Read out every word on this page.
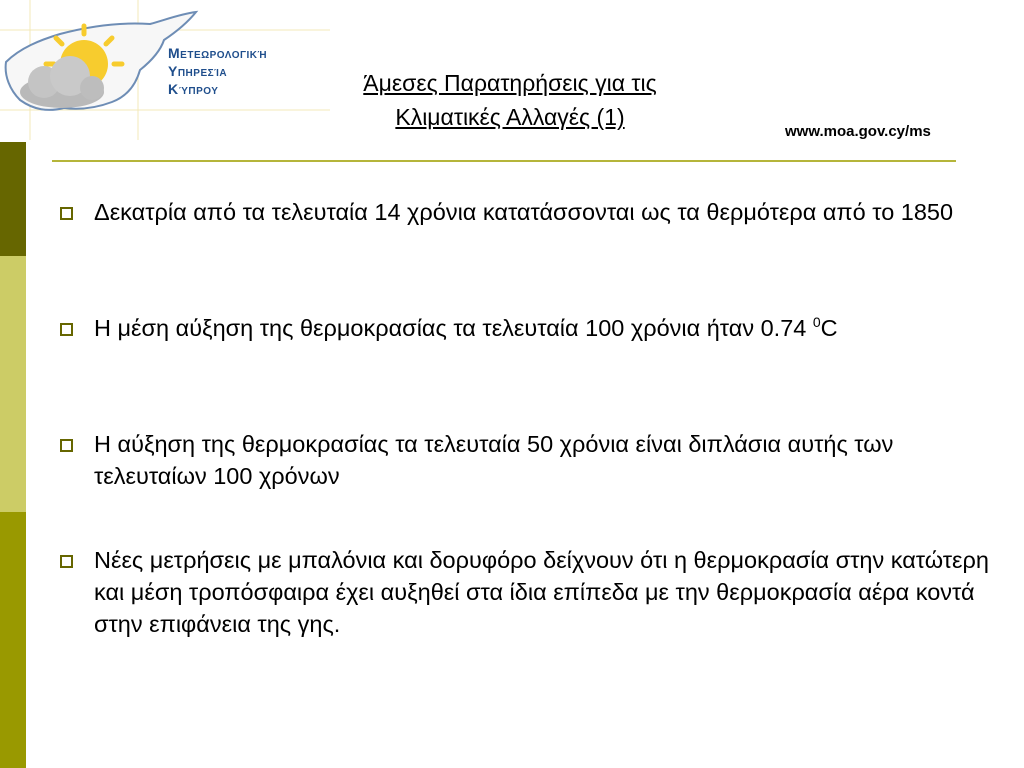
Μετεωρολογική
Υπηρεσία
Κύπρου	Άμεσες Παρατηρήσεις για τις
Κλιματικές Αλλαγές (1)
www.moa.gov.cy/ms
Δεκατρία από τα τελευταία 14 χρόνια κατατάσσονται ως τα θερμότερα από το 1850
Η μέση αύξηση της θερμοκρασίας τα τελευταία 100 χρόνια ήταν 0.74 $^0$C
Η αύξηση της θερμοκρασίας τα τελευταία 50 χρόνια είναι διπλάσια αυτής των τελευταίων 100 χρόνων
Νέες μετρήσεις με μπαλόνια και δορυφόρο δείχνουν ότι η θερμοκρασία στην κατώτερη και μέση τροπόσφαιρα έχει αυξηθεί στα ίδια επίπεδα με την θερμοκρασία αέρα κοντά στην επιφάνεια της γης.
